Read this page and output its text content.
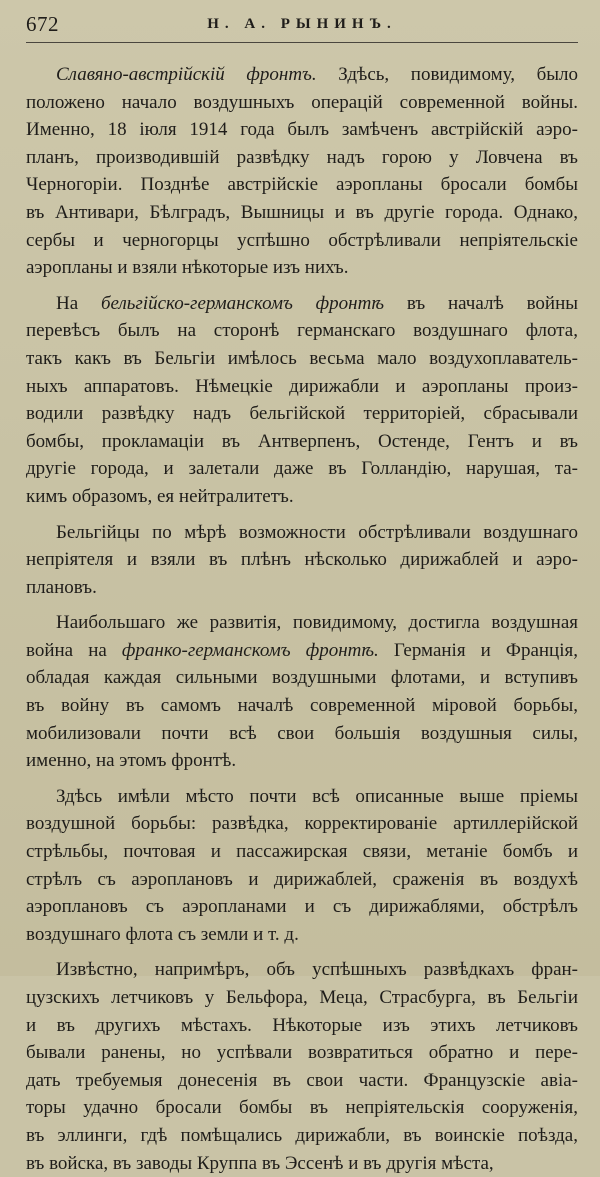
672	Н. А. РЫНИНЪ.

Славяно-австрійскій фронтъ. Здѣсь, повидимому, было
положено начало воздушныхъ операцій современной войны.
Именно, 18 іюля 1914 года былъ замѣченъ австрійскій аэро-
планъ, производившій развѣдку надъ горою у Ловчена въ
Черногоріи. Позднѣе австрійскіе аэропланы бросали бомбы
въ Антивари, Бѣлградъ, Вышницы и въ другіе города. Однако,
сербы и черногорцы успѣшно обстрѣливали непріятельскіе
аэропланы и взяли нѣкоторые изъ нихъ.

На бельгійско-германскомъ фронтѣ въ началѣ войны
перевѣсъ былъ на сторонѣ германскаго воздушнаго флота,
такъ какъ въ Бельгіи имѣлось весьма мало воздухоплаватель-
ныхъ аппаратовъ. Нѣмецкіе дирижабли и аэропланы произ-
водили развѣдку надъ бельгійской территоріей, сбрасывали
бомбы, прокламаціи въ Антверпенъ, Остенде, Гентъ и въ
другіе города, и залетали даже въ Голландію, нарушая, та-
кимъ образомъ, ея нейтралитетъ.

Бельгійцы по мѣрѣ возможности обстрѣливали воздушнаго
непріятеля и взяли въ плѣнъ нѣсколько дирижаблей и аэро-
плановъ.

Наибольшаго же развитія, повидимому, достигла воздушная
война на франко-германскомъ фронтѣ. Германія и Франція,
обладая каждая сильными воздушными флотами, и вступивъ
въ войну въ самомъ началѣ современной міровой борьбы,
мобилизовали почти всѣ свои большія воздушныя силы,
именно, на этомъ фронтѣ.

Здѣсь имѣли мѣсто почти всѣ описанные выше пріемы
воздушной борьбы: развѣдка, корректированіе артиллерійской
стрѣльбы, почтовая и пассажирская связи, метаніе бомбъ и
стрѣлъ съ аэроплановъ и дирижаблей, сраженія въ воздухѣ
аэроплановъ съ аэропланами и съ дирижаблями, обстрѣлъ
воздушнаго флота съ земли и т. д.

Извѣстно, напримѣръ, объ успѣшныхъ развѣдкахъ фран-
цузскихъ летчиковъ у Бельфора, Меца, Страсбурга, въ Бельгіи
и въ другихъ мѣстахъ. Нѣкоторые изъ этихъ летчиковъ
бывали ранены, но успѣвали возвратиться обратно и пере-
дать требуемыя донесенія въ свои части. Французскіе авіа-
торы удачно бросали бомбы въ непріятельскія сооруженія,
въ эллинги, гдѣ помѣщались дирижабли, въ воинскіе поѣзда,
въ войска, въ заводы Круппа въ Эссенѣ и въ другія мѣста,
